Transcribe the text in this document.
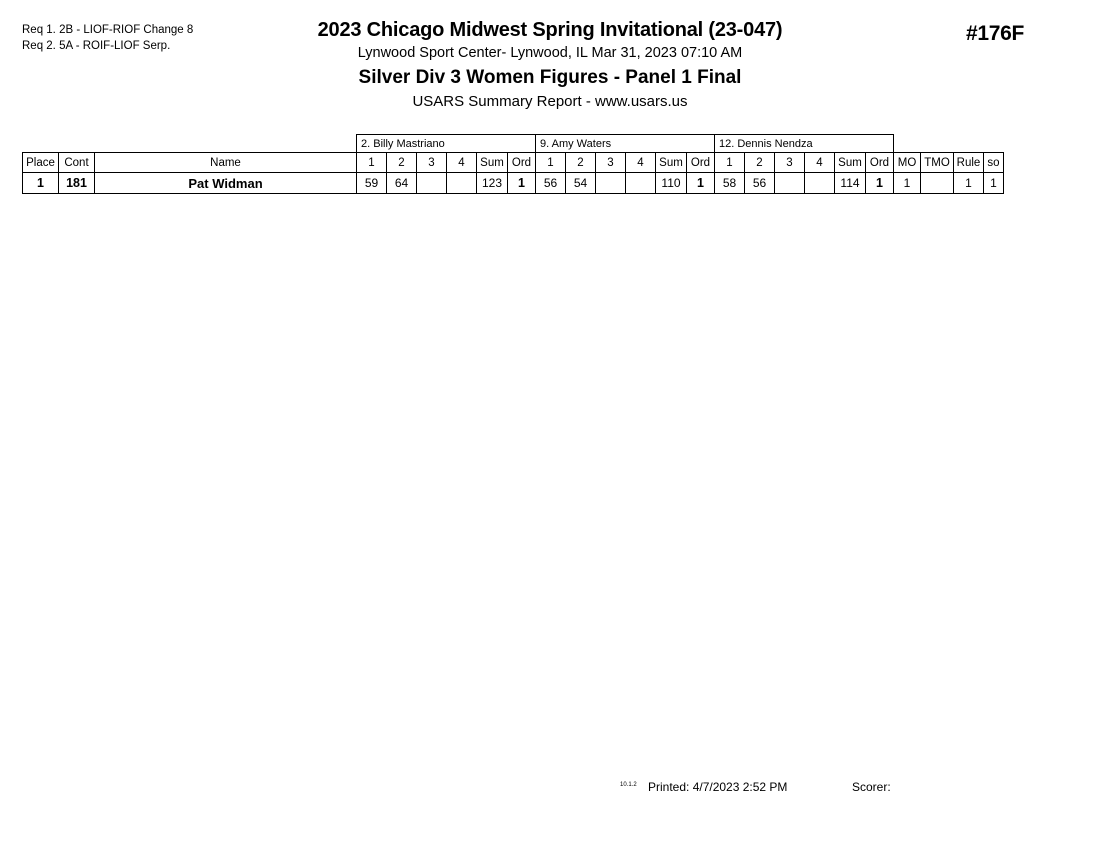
Req 1. 2B - LIOF-RIOF Change 8
Req 2. 5A - ROIF-LIOF Serp.
2023 Chicago Midwest Spring Invitational (23-047)
Lynwood Sport Center- Lynwood, IL Mar 31, 2023 07:10 AM
Silver Div 3 Women Figures - Panel 1 Final
USARS Summary Report - www.usars.us
#176F
			2. Billy Mastriano						9. Amy Waters						12. Dennis Nendza									
Place	Cont	Name	1	2	3	4	Sum	Ord	1	2	3	4	Sum	Ord	1	2	3	4	Sum	Ord	MO	TMO	Rule	so
1	181	Pat Widman	59	64			123	1	56	54			110	1	58	56			114	1	1		1	1
10.1.2 Printed: 4/7/2023 2:52 PM	Scorer:
